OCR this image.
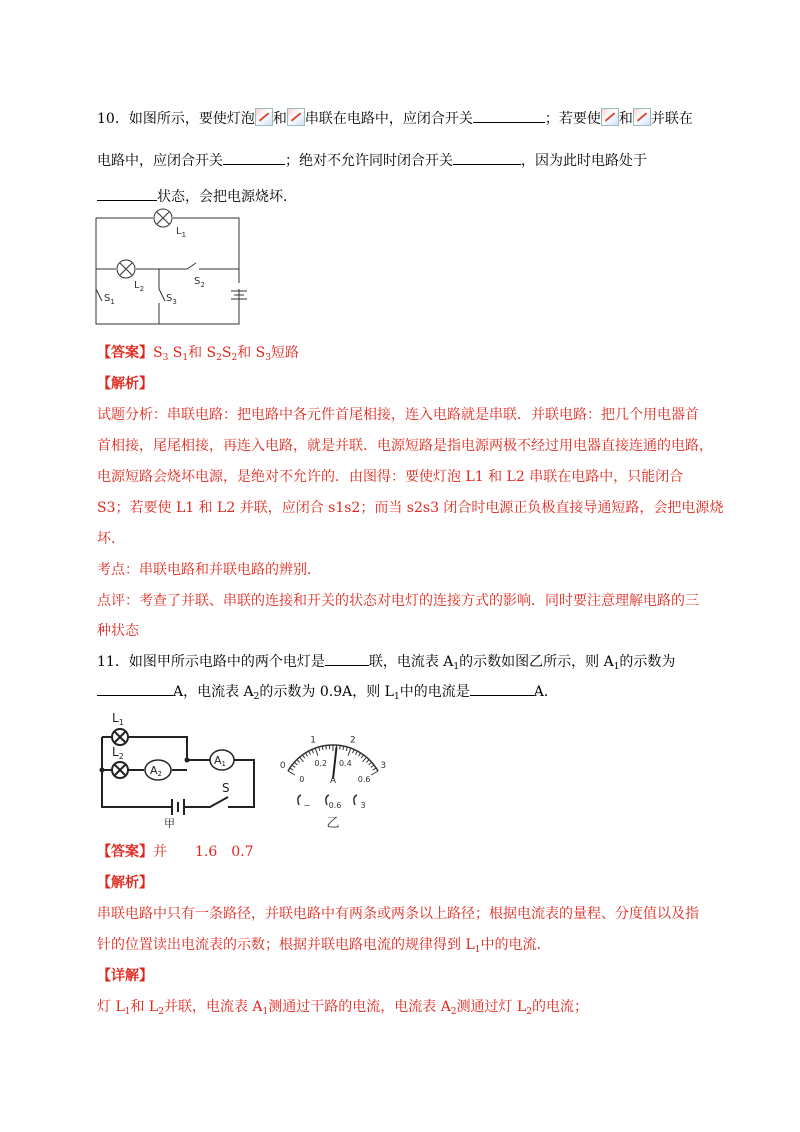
10．如图所示，要使灯泡 和 串联在电路中，应闭合开关	；若要使 和 并联在
电路中，应闭合开关	；绝对不允许同时闭合开关	，因为此时电路处于
状态，会把电源烧坏．
$L_1$
$L_2$
$S_1$
$S_2$
$S_3$
【答案】$S_3$ $S_1$和 $S_2S_2$和 $S_3$短路
【解析】
试题分析：串联电路：把电路中各元件首尾相接，连入电路就是串联．并联电路：把几个用电器首
首相接，尾尾相接，再连入电路，就是并联．电源短路是指电源两极不经过用电器直接连通的电路，
电源短路会烧坏电源，是绝对不允许的．由图得：要使灯泡 L1 和 L2 串联在电路中，只能闭合
S3；若要使 L1 和 L2 并联，应闭合 s1s2；而当 s2s3 闭合时电源正负极直接导通短路，会把电源烧
坏．
考点：串联电路和并联电路的辨别．
点评：考查了并联、串联的连接和开关的状态对电灯的连接方式的影响．同时要注意理解电路的三
种状态
11．如图甲所示电路中的两个电灯是	联，电流表 $A_1$的示数如图乙所示，则 $A_1$的示数为
A，电流表 $A_2$的示数为 0.9A，则 $L_1$中的电流是	A．
A1
A2
$L_1$
$L_2$
S
甲
0
1	2
3
0
0.2 0.4
0.6
A
− 0.6 3
乙
【答案】并　　1.6　0.7
【解析】
串联电路中只有一条路径，并联电路中有两条或两条以上路径；根据电流表的量程、分度值以及指
针的位置读出电流表的示数；根据并联电路电流的规律得到 $L_1$中的电流．
【详解】
灯 $L_1$和 $L_2$并联，电流表 $A_1$测通过干路的电流，电流表 $A_2$测通过灯 $L_2$的电流；
